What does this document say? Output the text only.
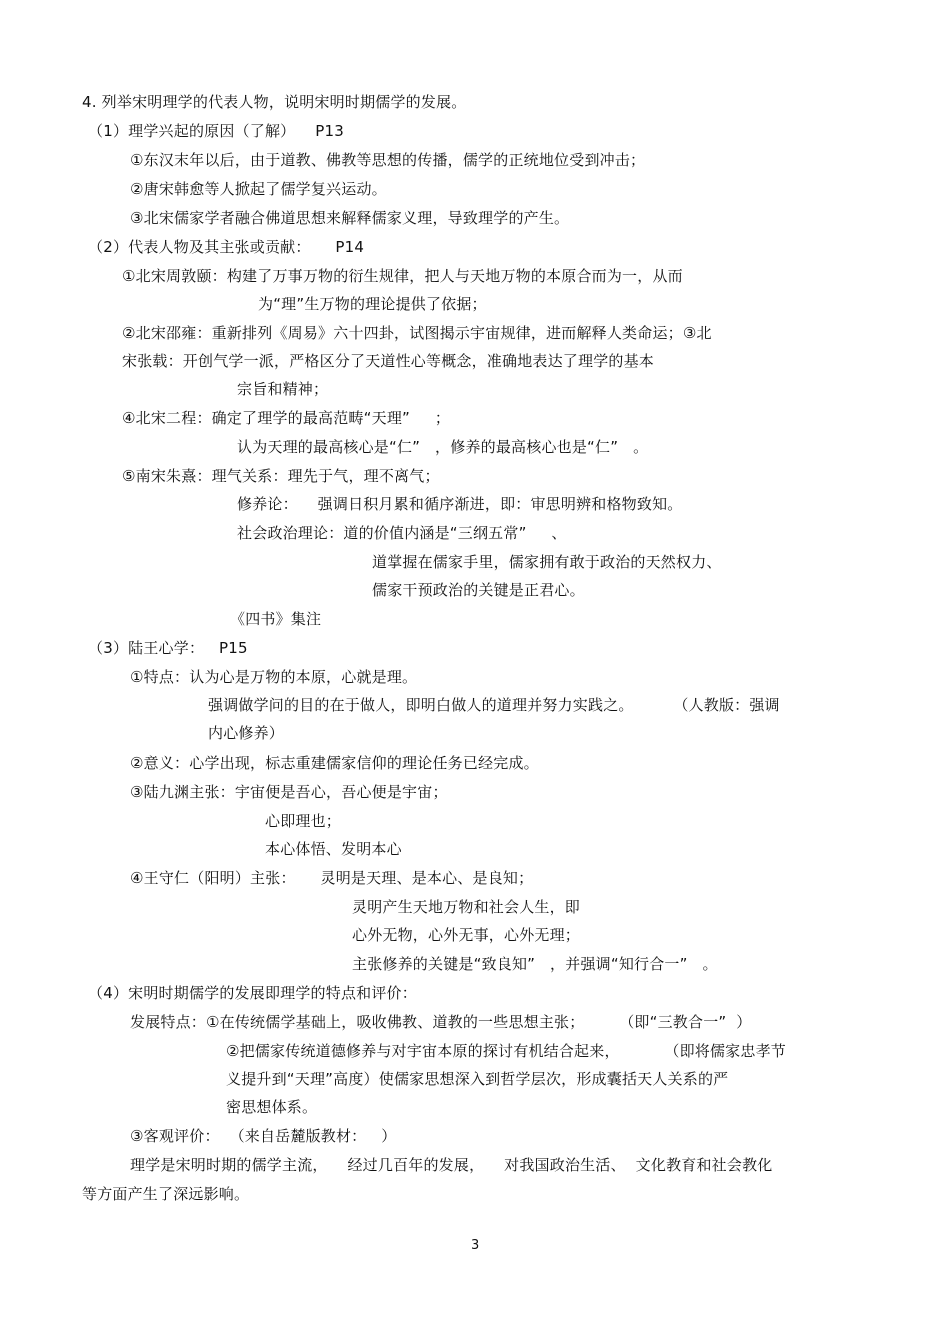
4. 列举宋明理学的代表人物，说明宋明时期儒学的发展。
（1）理学兴起的原因（了解）    P13
①东汉末年以后，由于道教、佛教等思想的传播，儒学的正统地位受到冲击；
②唐宋韩愈等人掀起了儒学复兴运动。
③北宋儒家学者融合佛道思想来解释儒家义理，导致理学的产生。
（2）代表人物及其主张或贡献：     P14
①北宋周敦颐：构建了万事万物的衍生规律，把人与天地万物的本原合而为一，从而
为“理”生万物的理论提供了依据；
②北宋邵雍：重新排列《周易》六十四卦，试图揭示宇宙规律，进而解释人类命运；③北
宋张载：开创气学一派，严格区分了天道性心等概念，准确地表达了理学的基本
宗旨和精神；
④北宋二程：确定了理学的最高范畴“天理”     ；
认为天理的最高核心是“仁”   ，修养的最高核心也是“仁”   。
⑤南宋朱熹：理气关系：理先于气，理不离气；
修养论：    强调日积月累和循序渐进，即：审思明辨和格物致知。
社会政治理论：道的价值内涵是“三纲五常”     、
道掌握在儒家手里，儒家拥有敢于政治的天然权力、
儒家干预政治的关键是正君心。
《四书》集注
（3）陆王心学：   P15
①特点：认为心是万物的本原，心就是理。
强调做学问的目的在于做人，即明白做人的道理并努力实践之。        （人教版：强调
内心修养）
②意义：心学出现，标志重建儒家信仰的理论任务已经完成。
③陆九渊主张：宇宙便是吾心，吾心便是宇宙；
心即理也；
本心体悟、发明本心
④王守仁（阳明）主张：     灵明是天理、是本心、是良知；
灵明产生天地万物和社会人生，即
心外无物，心外无事，心外无理；
主张修养的关键是“致良知”   ，并强调“知行合一”   。
（4）宋明时期儒学的发展即理学的特点和评价：
发展特点：①在传统儒学基础上，吸收佛教、道教的一些思想主张；       （即“三教合一”  ）
②把儒家传统道德修养与对宇宙本原的探讨有机结合起来，         （即将儒家忠孝节
义提升到“天理”高度）使儒家思想深入到哲学层次，形成囊括天人关系的严
密思想体系。
③客观评价：  （来自岳麓版教材：   ）
理学是宋明时期的儒学主流，    经过几百年的发展，    对我国政治生活、  文化教育和社会教化
等方面产生了深远影响。
3
